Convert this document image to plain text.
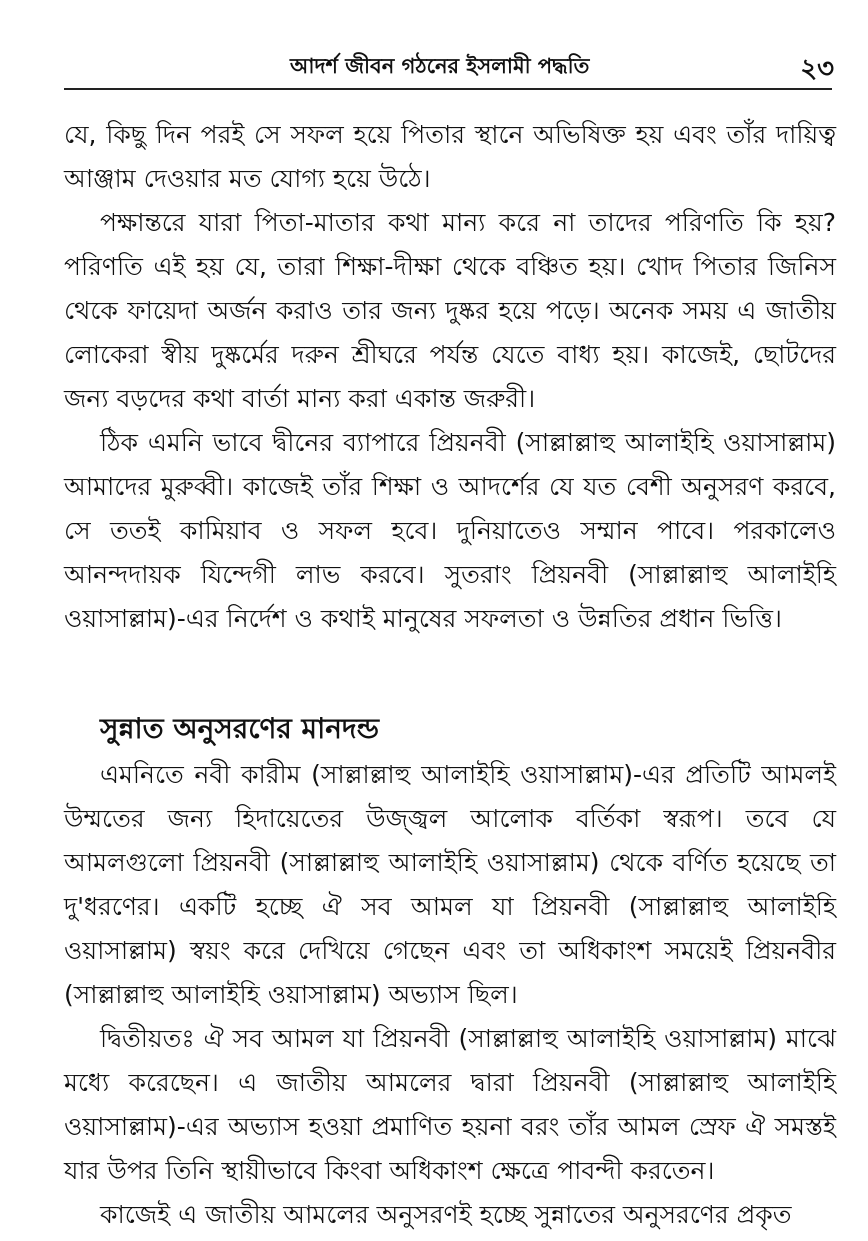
আদর্শ জীবন গঠনের ইসলামী পদ্ধতি	২৩

যে, কিছু দিন পরই সে সফল হয়ে পিতার স্থানে অভিষিক্ত হয় এবং তাঁর দায়িত্ব আঞ্জাম দেওয়ার মত যোগ্য হয়ে উঠে।

পক্ষান্তরে যারা পিতা-মাতার কথা মান্য করে না তাদের পরিণতি কি হয়? পরিণতি এই হয় যে, তারা শিক্ষা-দীক্ষা থেকে বঞ্চিত হয়। খোদ পিতার জিনিস থেকে ফায়েদা অর্জন করাও তার জন্য দুষ্কর হয়ে পড়ে। অনেক সময় এ জাতীয় লোকেরা স্বীয় দুষ্কর্মের দরুন শ্রীঘরে পর্যন্ত যেতে বাধ্য হয়। কাজেই, ছোটদের জন্য বড়দের কথা বার্তা মান্য করা একান্ত জরুরী।

ঠিক এমনি ভাবে দ্বীনের ব্যাপারে প্রিয়নবী (সাল্লাল্লাহু আলাইহি ওয়াসাল্লাম) আমাদের মুরুব্বী। কাজেই তাঁর শিক্ষা ও আদর্শের যে যত বেশী অনুসরণ করবে, সে ততই কামিয়াব ও সফল হবে। দুনিয়াতেও সম্মান পাবে। পরকালেও আনন্দদায়ক যিন্দেগী লাভ করবে। সুতরাং প্রিয়নবী (সাল্লাল্লাহু আলাইহি ওয়াসাল্লাম)-এর নির্দেশ ও কথাই মানুষের সফলতা ও উন্নতির প্রধান ভিত্তি।

সুন্নাত অনুসরণের মানদন্ড

এমনিতে নবী কারীম (সাল্লাল্লাহু আলাইহি ওয়াসাল্লাম)-এর প্রতিটি আমলই উম্মতের জন্য হিদায়েতের উজ্জ্বল আলোক বর্তিকা স্বরূপ। তবে যে আমলগুলো প্রিয়নবী (সাল্লাল্লাহু আলাইহি ওয়াসাল্লাম) থেকে বর্ণিত হয়েছে তা দু'ধরণের। একটি হচ্ছে ঐ সব আমল যা প্রিয়নবী (সাল্লাল্লাহু আলাইহি ওয়াসাল্লাম) স্বয়ং করে দেখিয়ে গেছেন এবং তা অধিকাংশ সময়েই প্রিয়নবীর (সাল্লাল্লাহু আলাইহি ওয়াসাল্লাম) অভ্যাস ছিল।

দ্বিতীয়তঃ ঐ সব আমল যা প্রিয়নবী (সাল্লাল্লাহু আলাইহি ওয়াসাল্লাম) মাঝে মধ্যে করেছেন। এ জাতীয় আমলের দ্বারা প্রিয়নবী (সাল্লাল্লাহু আলাইহি ওয়াসাল্লাম)-এর অভ্যাস হওয়া প্রমাণিত হয়না বরং তাঁর আমল স্রেফ ঐ সমস্তই যার উপর তিনি স্থায়ীভাবে কিংবা অধিকাংশ ক্ষেত্রে পাবন্দী করতেন।

কাজেই এ জাতীয় আমলের অনুসরণই হচ্ছে সুন্নাতের অনুসরণের প্রকৃত
